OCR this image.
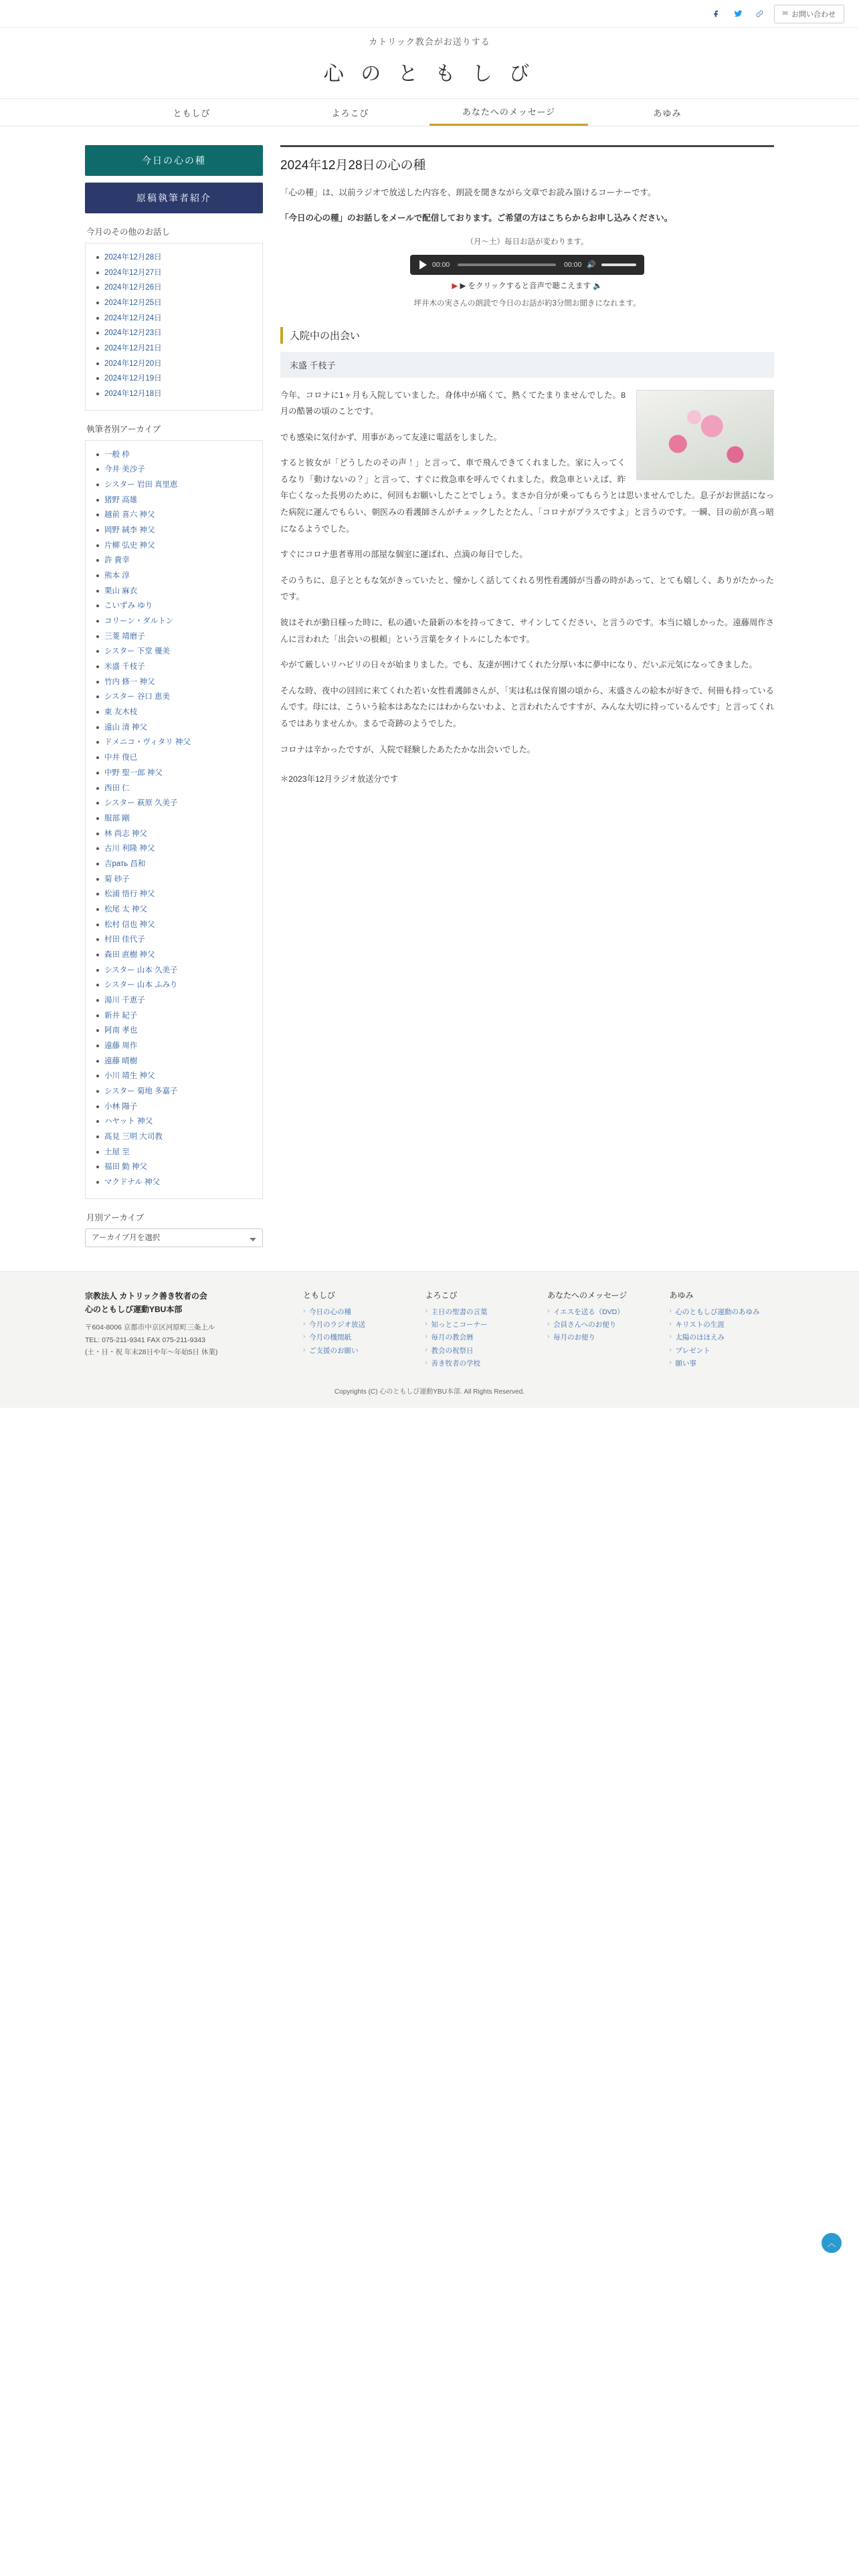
✉ お問い合わせ
カトリック教会がお送りする
心 の と も し び
ともしび	よろこび	あなたへのメッセージ	あゆみ
今日の心の種
原稿執筆者紹介
今月のその他のお話し
2024年12月28日
2024年12月27日
2024年12月26日
2024年12月25日
2024年12月24日
2024年12月23日
2024年12月21日
2024年12月20日
2024年12月19日
2024年12月18日
執筆者別アーカイブ
一般 枠
今井 美沙子
シスター 岩田 真里恵
猪野 高雄
越前 喜六 神父
岡野 絨李 神父
片柳 弘史 神父
許 貴幸
熊本 淳
栗山 麻衣
こいずみ ゆり
コリーン・ダルトン
三菱 靖磨子
シスター 下堂 優美
米盛 千枝子
竹内 修一 神父
シスター 谷口 恵美
東 友木枝
遠山 清 神父
ドメニコ・ヴィタリ 神父
中井 俊已
中野 聖一郎 神父
西田 仁
シスター 萩原 久美子
服部 剛
林 尚志 神父
古川 利隆 神父
吉рать 昌和
菊 砂子
松浦 悟行 神父
松尾 太 神父
松村 信也 神父
村田 佳代子
森田 直樹 神父
シスター 山本 久美子
シスター 山本 ふみり
湯川 千恵子
新井 紀子
阿南 孝也
遠藤 周作
遠藤 晴樹
小川 靖生 神父
シスター 菊地 多嘉子
小林 陽子
ハヤット 神父
髙見 三明 大司教
土屋 至
福田 勤 神父
マクドナル 神父
月別アーカイブ
アーカイブ月を選択
2024年12月28日の心の種

「心の種」は、以前ラジオで放送した内容を、朗読を聞きながら文章でお読み頂けるコーナーです。

「今日の心の種」のお話しをメールで配信しております。ご希望の方はこちらからお申し込みください。

（月～土）毎日お話が変わります。
00:00	00:00 🔊
▶ ▶ をクリックすると音声で聴こえます 🔈
坪井木の実さんの朗読で今日のお話が約3分間お聞きになれます。
入院中の出会い
末盛 千枝子

今年、コロナに1ヶ月も入院していました。身体中が痛くて、熱くてたまりませんでした。8月の酷暑の頃のことです。

でも感染に気付かず、用事があって友達に電話をしました。

すると彼女が「どうしたのその声！」と言って、車で飛んできてくれました。家に入ってくるなり「動けないの？」と言って、すぐに救急車を呼んでくれました。救急車といえば、昨年亡くなった長男のために、何回もお願いしたことでしょう。まさか自分が乗ってもらうとは思いませんでした。息子がお世話になった病院に運んでもらい、朝医みの看護師さんがチェックしたとたん、「コロナがプラスですよ」と言うのです。一瞬、目の前が真っ暗になるようでした。

すぐにコロナ患者専用の部屋な個室に運ばれ、点滴の毎日でした。

そのうちに、息子とともな気がきっていたと、憧かしく話してくれる男性看護師が当番の時があって、とても嬉しく、ありがたかったです。

彼はそれが勤日様った時に、私の通いた最新の本を持ってきて、サインしてください、と言うのです。本当に嬉しかった。遠藤周作さんに言われた「出会いの根頼」という言葉をタイトルにした本です。

やがて厳しいリハビリの日々が始まりました。でも、友達が囲けてくれた分厚い本に夢中になり、だいぶ元気になってきました。

そんな時、夜中の回回に来てくれた若い女性看護師さんが、「実は私は保育園の頃から、末盛さんの絵本が好きで、何冊も持っているんです。母には、こういう絵本はあなたにはわからないわよ、と言われたんですすが、みんな大切に持っているんです」と言ってくれるではありませんか。まるで奇跡のようでした。

コロナは辛かったですが、入院で経験したあたたかな出会いでした。

＊2023年12月ラジオ放送分です
宗教法人 カトリック善き牧者の会
心のともしび運動YBU本部
〒604-8006 京都市中京区河原町三条上ル
TEL: 075-211-9341 FAX 075-211-9343
(土・日・祝 年末28日や年～年始5日 休業)
ともしび
› 今日の心の種
› 今月のラジオ放送
› 今月の機関紙
› ご支援のお願い
よろこび
› 主日の聖書の言葉
› 知っとこコーナー
› 毎月の教会暦
› 教会の祝祭日
› 善き牧者の学校
あなたへのメッセージ
› イエスを送る（DVD）
› 会員さんへのお便り
› 毎月のお便り
あゆみ
› 心のともしび運動のあゆみ
› キリストの生涯
› 太陽のほほえみ
› プレゼント
› 願い事
Copyrights (C) 心のともしび運動YBU本部. All Rights Reserved.
︿
